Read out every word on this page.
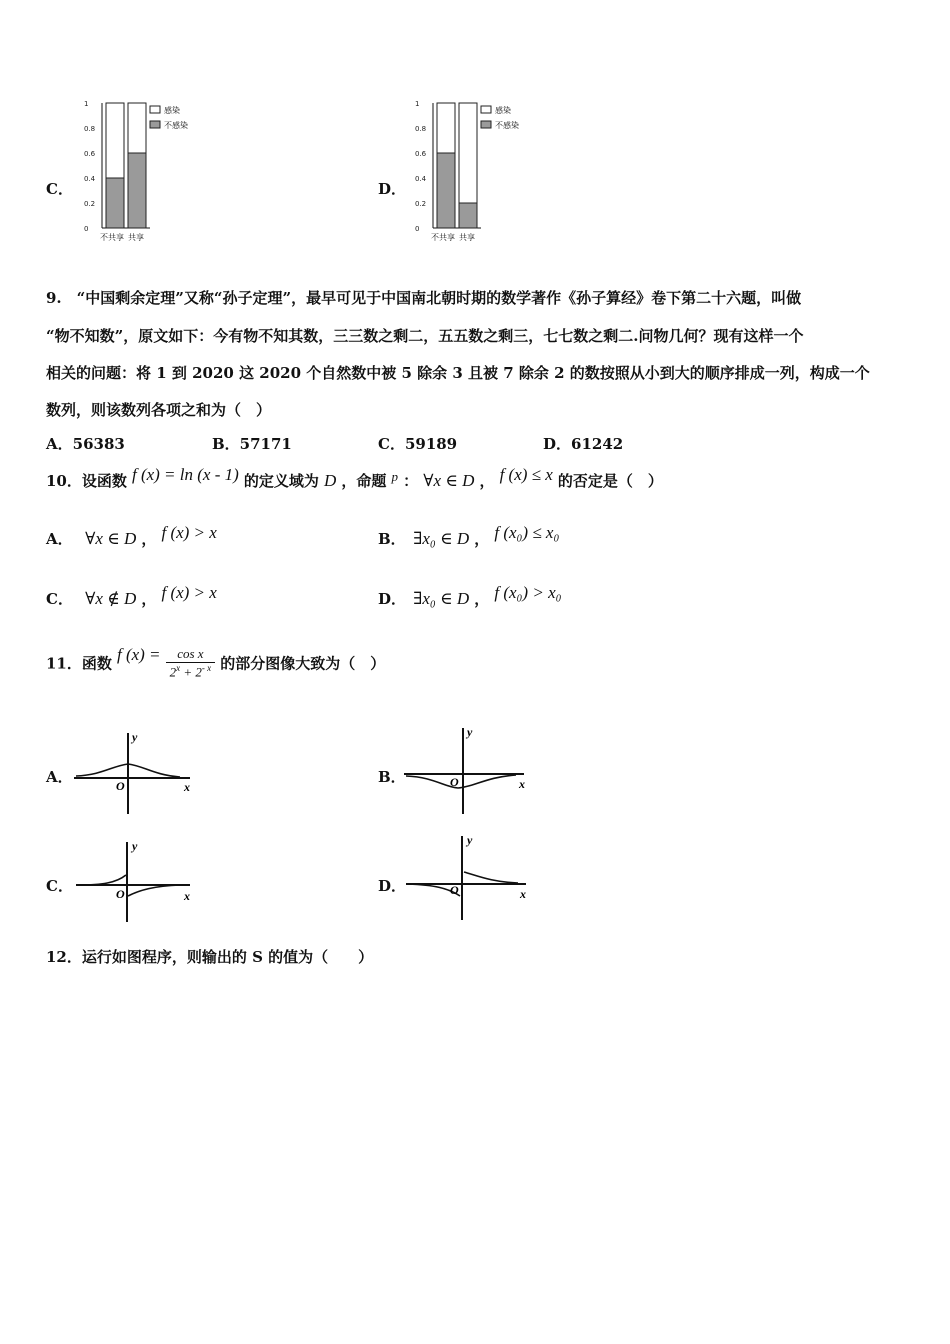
C．
1
0.8
0.6
0.4
0.2
0
不共享 共享
感染
不感染
D．
1
0.8
0.6
0.4
0.2
0
不共享 共享
感染
不感染
9.　“中国剩余定理”又称“孙子定理”，最早可见于中国南北朝时期的数学著作《孙子算经》卷下第二十六题，叫做
“物不知数”，原文如下：今有物不知其数，三三数之剩二，五五数之剩三，七七数之剩二.问物几何？现有这样一个
相关的问题：将 1 到 2020 这 2020 个自然数中被 5 除余 3 且被 7 除余 2 的数按照从小到大的顺序排成一列，构成一个
数列，则该数列各项之和为（　）
A．56383	B．57171	C．59189	D．61242
10．设函数 f (x) = ln (x - 1) 的定义域为 D ，命题 $^p$ ： ∀x ∈ D ， f (x) ≤ x 的否定是（　）
A． ∀x ∈ D ， f (x) > x	B． ∃x₀ ∈ D ， f (x₀) ≤ x₀
C． ∀x ∉ D ， f (x) > x	D． ∃x₀ ∈ D ， f (x₀) > x₀
11．函数 f $(x) = \frac{\text{cos x}}{2^x + 2^{- x}}$ 的部分图像大致为（　）
A．
y
x
O	B．
y
x
O
C．
y
x
O	D．
y
x
O
12．运行如图程序，则输出的 S 的值为（　　）
